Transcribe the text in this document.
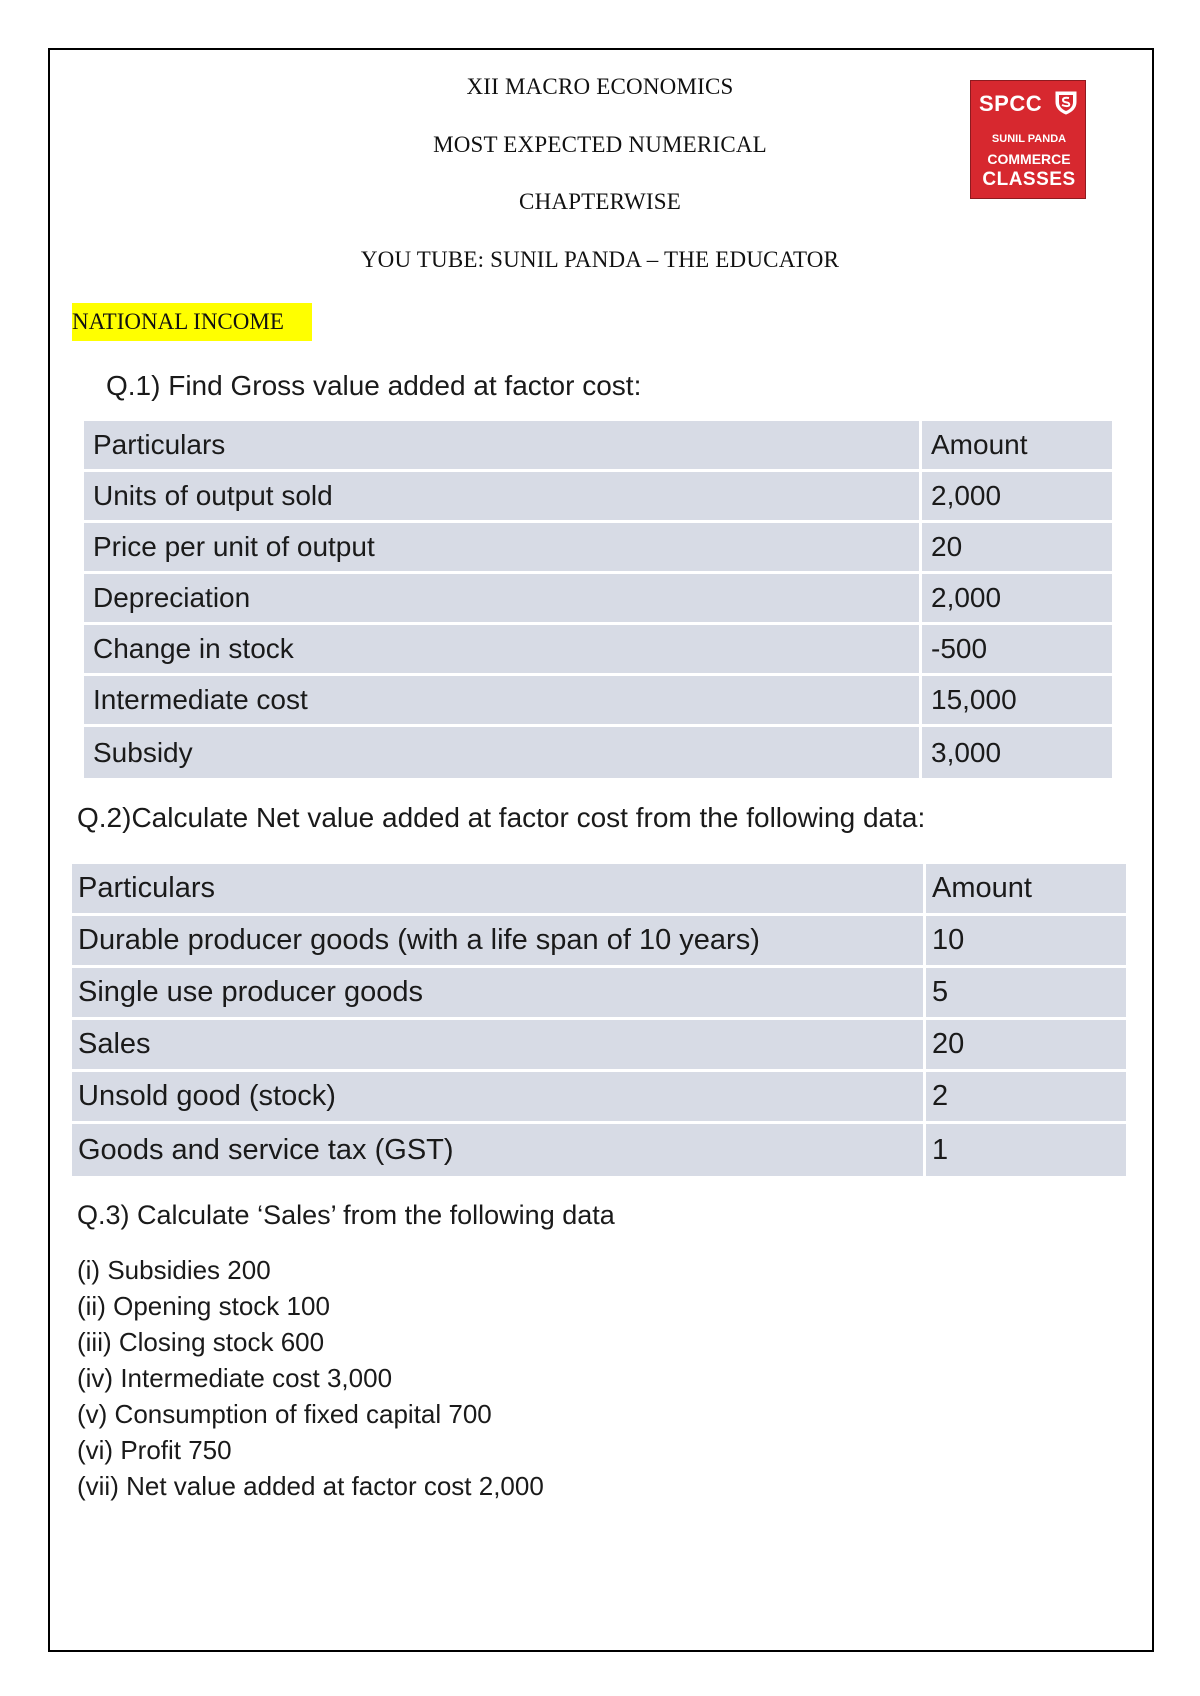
XII MACRO ECONOMICS
MOST EXPECTED NUMERICAL
CHAPTERWISE
YOU TUBE: SUNIL PANDA – THE EDUCATOR
SPCC
SUNIL PANDA
COMMERCE
CLASSES
NATIONAL INCOME
Q.1) Find Gross value added at factor cost:
Particulars	Amount
Units of output sold	2,000
Price per unit of output	20
Depreciation	2,000
Change in stock	-500
Intermediate cost	15,000
Subsidy	3,000
Q.2)Calculate Net value added at factor cost from the following data:
Particulars	Amount
Durable producer goods (with a life span of 10 years)	10
Single use producer goods	5
Sales	20
Unsold good (stock)	2
Goods and service tax (GST)	1
Q.3) Calculate ‘Sales’ from the following data
(i) Subsidies 200
(ii) Opening stock 100
(iii) Closing stock 600
(iv) Intermediate cost 3,000
(v) Consumption of fixed capital 700
(vi) Profit 750
(vii) Net value added at factor cost 2,000
